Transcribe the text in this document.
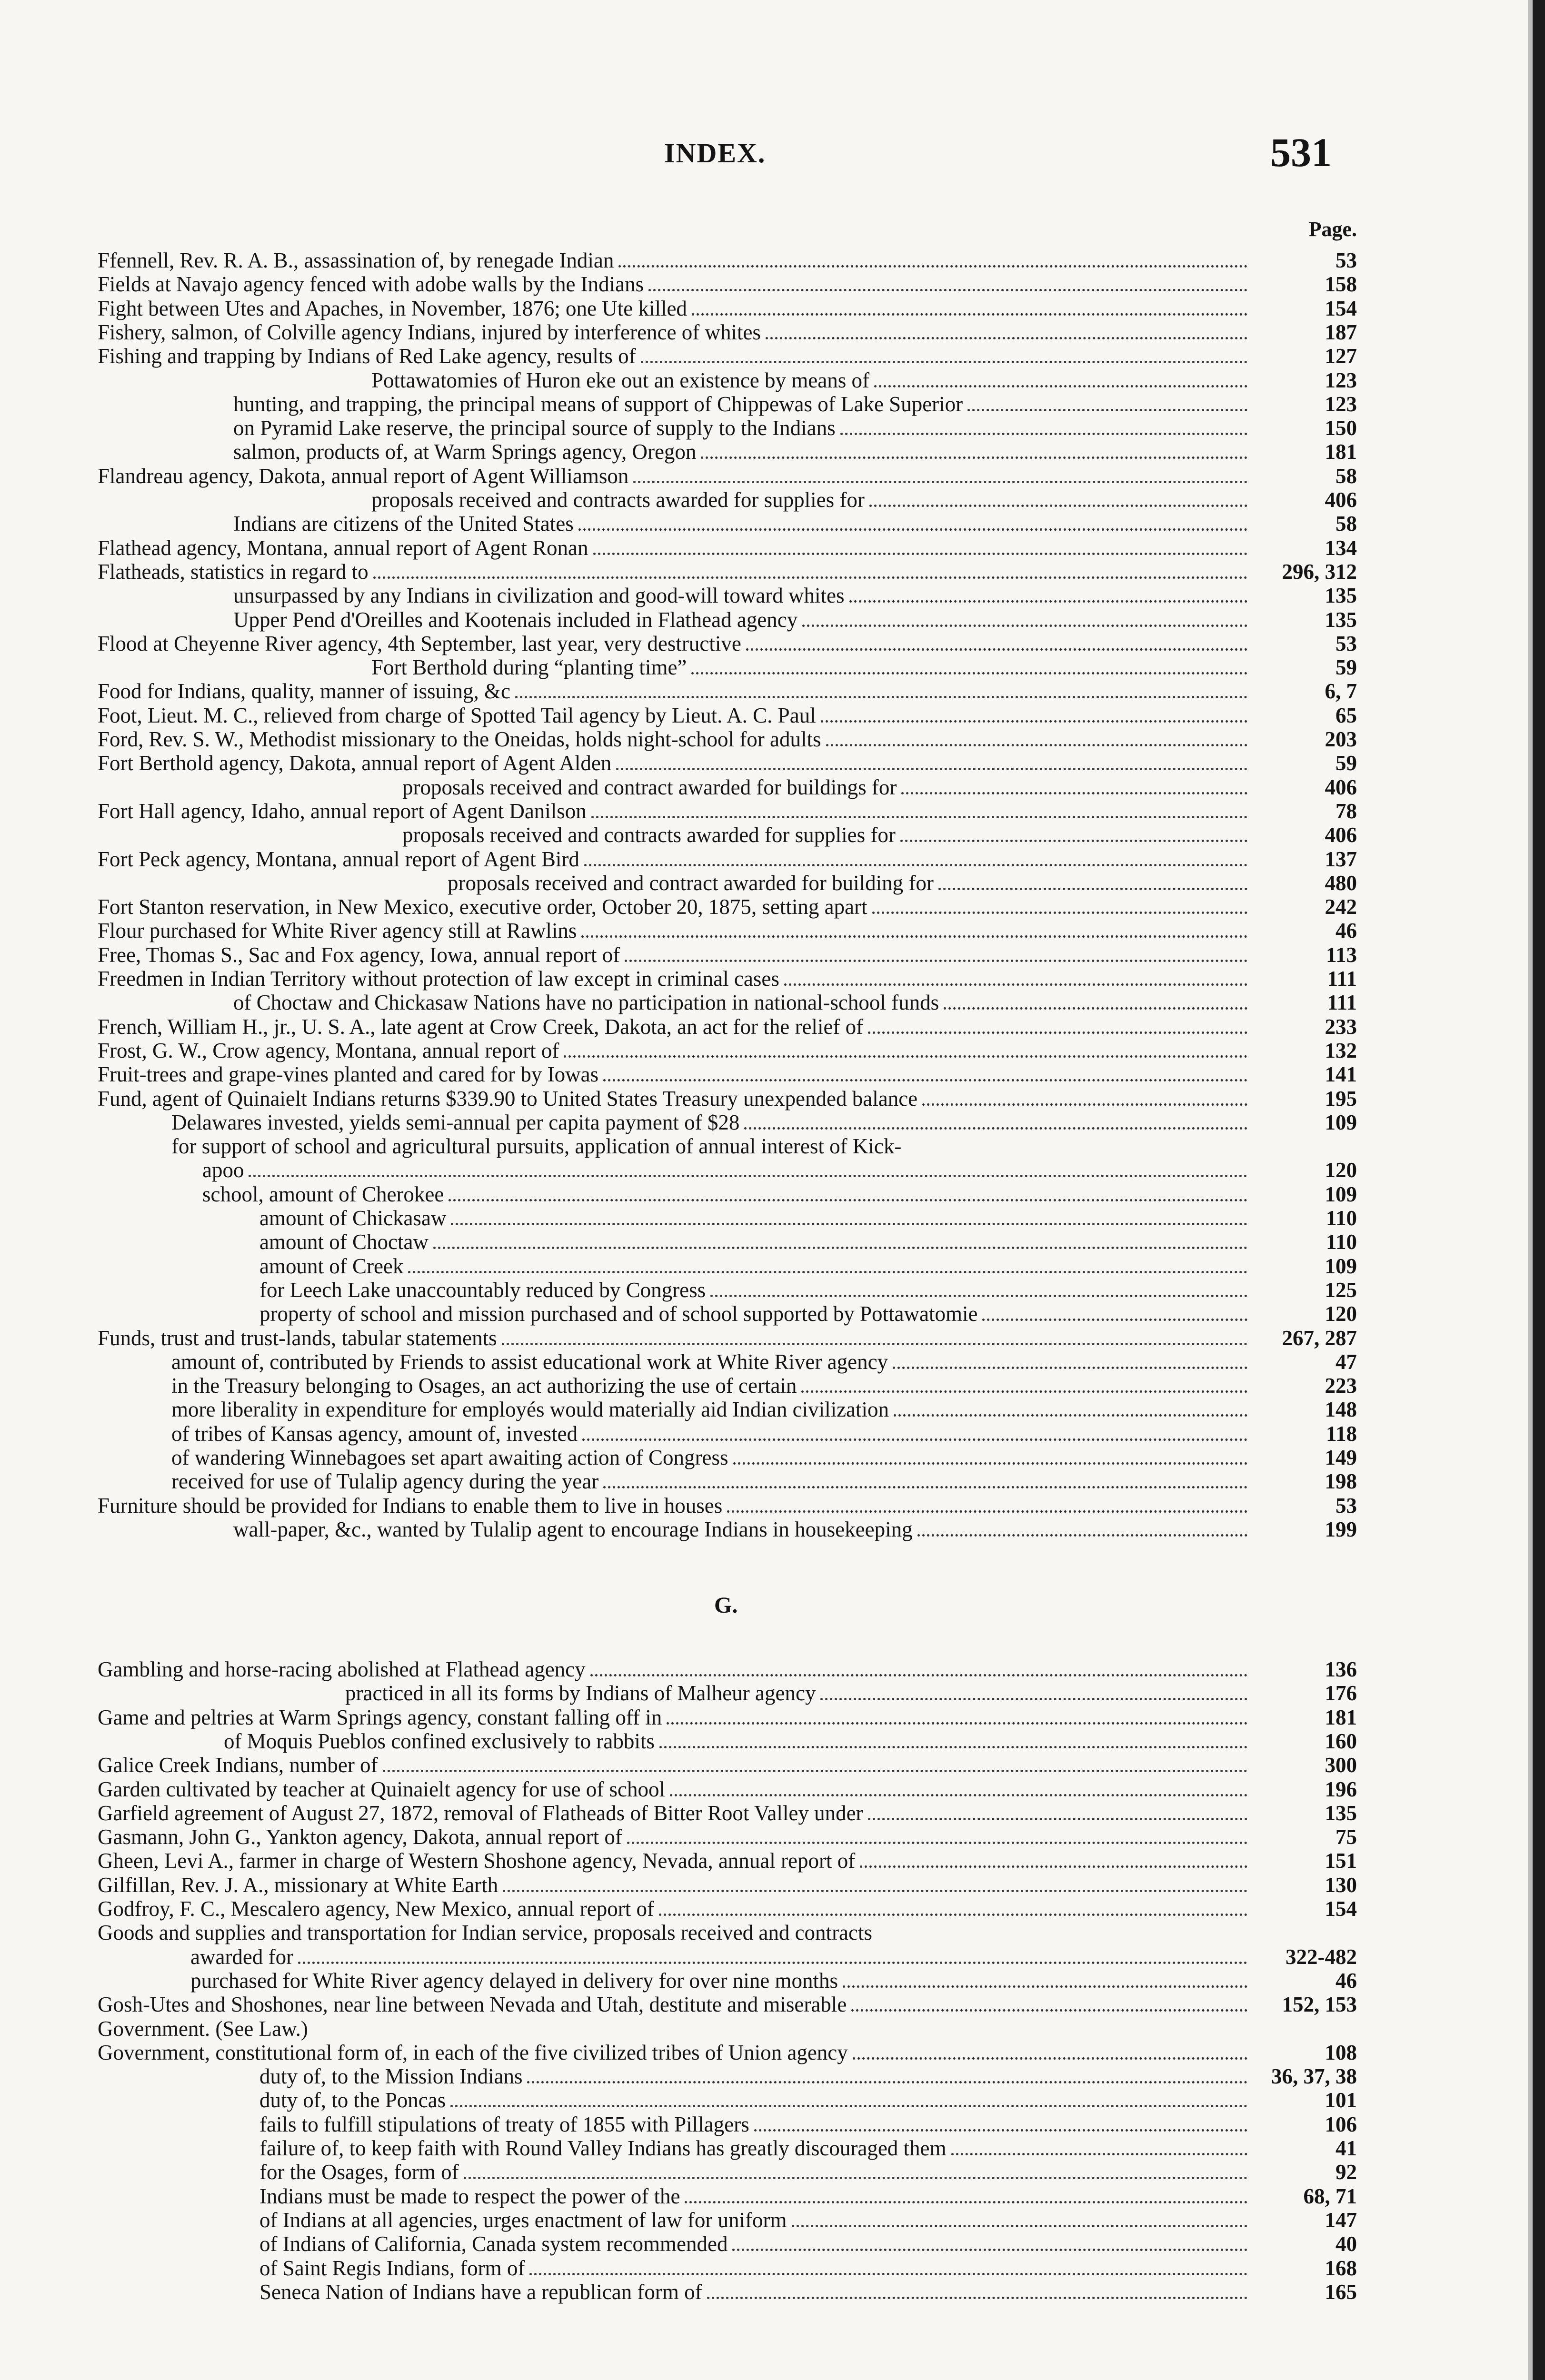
INDEX.	531
Page.
G.
Ffennell, Rev. R. A. B., assassination of, by renegade Indian	53
Fields at Navajo agency fenced with adobe walls by the Indians	158
Fight between Utes and Apaches, in November, 1876; one Ute killed	154
Fishery, salmon, of Colville agency Indians, injured by interference of whites	187
Fishing and trapping by Indians of Red Lake agency, results of	127
Pottawatomies of Huron eke out an existence by means of	123
hunting, and trapping, the principal means of support of Chippewas of Lake Superior	123
on Pyramid Lake reserve, the principal source of supply to the Indians	150
salmon, products of, at Warm Springs agency, Oregon	181
Flandreau agency, Dakota, annual report of Agent Williamson	58
proposals received and contracts awarded for supplies for	406
Indians are citizens of the United States	58
Flathead agency, Montana, annual report of Agent Ronan	134
Flatheads, statistics in regard to	296, 312
unsurpassed by any Indians in civilization and good-will toward whites	135
Upper Pend d'Oreilles and Kootenais included in Flathead agency	135
Flood at Cheyenne River agency, 4th September, last year, very destructive	53
Fort Berthold during “planting time”	59
Food for Indians, quality, manner of issuing, &c	6, 7
Foot, Lieut. M. C., relieved from charge of Spotted Tail agency by Lieut. A. C. Paul	65
Ford, Rev. S. W., Methodist missionary to the Oneidas, holds night-school for adults	203
Fort Berthold agency, Dakota, annual report of Agent Alden	59
proposals received and contract awarded for buildings for	406
Fort Hall agency, Idaho, annual report of Agent Danilson	78
proposals received and contracts awarded for supplies for	406
Fort Peck agency, Montana, annual report of Agent Bird	137
proposals received and contract awarded for building for	480
Fort Stanton reservation, in New Mexico, executive order, October 20, 1875, setting apart	242
Flour purchased for White River agency still at Rawlins	46
Free, Thomas S., Sac and Fox agency, Iowa, annual report of	113
Freedmen in Indian Territory without protection of law except in criminal cases	111
of Choctaw and Chickasaw Nations have no participation in national-school funds	111
French, William H., jr., U. S. A., late agent at Crow Creek, Dakota, an act for the relief of	233
Frost, G. W., Crow agency, Montana, annual report of	132
Fruit-trees and grape-vines planted and cared for by Iowas	141
Fund, agent of Quinaielt Indians returns $339.90 to United States Treasury unexpended balance	195
Delawares invested, yields semi-annual per capita payment of $28	109
for support of school and agricultural pursuits, application of annual interest of Kick-
apoo	120
school, amount of Cherokee	109
amount of Chickasaw	110
amount of Choctaw	110
amount of Creek	109
for Leech Lake unaccountably reduced by Congress	125
property of school and mission purchased and of school supported by Pottawatomie	120
Funds, trust and trust-lands, tabular statements	267, 287
amount of, contributed by Friends to assist educational work at White River agency	47
in the Treasury belonging to Osages, an act authorizing the use of certain	223
more liberality in expenditure for employés would materially aid Indian civilization	148
of tribes of Kansas agency, amount of, invested	118
of wandering Winnebagoes set apart awaiting action of Congress	149
received for use of Tulalip agency during the year	198
Furniture should be provided for Indians to enable them to live in houses	53
wall-paper, &c., wanted by Tulalip agent to encourage Indians in housekeeping	199
Gambling and horse-racing abolished at Flathead agency	136
practiced in all its forms by Indians of Malheur agency	176
Game and peltries at Warm Springs agency, constant falling off in	181
of Moquis Pueblos confined exclusively to rabbits	160
Galice Creek Indians, number of	300
Garden cultivated by teacher at Quinaielt agency for use of school	196
Garfield agreement of August 27, 1872, removal of Flatheads of Bitter Root Valley under	135
Gasmann, John G., Yankton agency, Dakota, annual report of	75
Gheen, Levi A., farmer in charge of Western Shoshone agency, Nevada, annual report of	151
Gilfillan, Rev. J. A., missionary at White Earth	130
Godfroy, F. C., Mescalero agency, New Mexico, annual report of	154
Goods and supplies and transportation for Indian service, proposals received and contracts
awarded for	322-482
purchased for White River agency delayed in delivery for over nine months	46
Gosh-Utes and Shoshones, near line between Nevada and Utah, destitute and miserable	152, 153
Government. (See Law.)
Government, constitutional form of, in each of the five civilized tribes of Union agency	108
duty of, to the Mission Indians	36, 37, 38
duty of, to the Poncas	101
fails to fulfill stipulations of treaty of 1855 with Pillagers	106
failure of, to keep faith with Round Valley Indians has greatly discouraged them	41
for the Osages, form of	92
Indians must be made to respect the power of the	68, 71
of Indians at all agencies, urges enactment of law for uniform	147
of Indians of California, Canada system recommended	40
of Saint Regis Indians, form of	168
Seneca Nation of Indians have a republican form of	165
